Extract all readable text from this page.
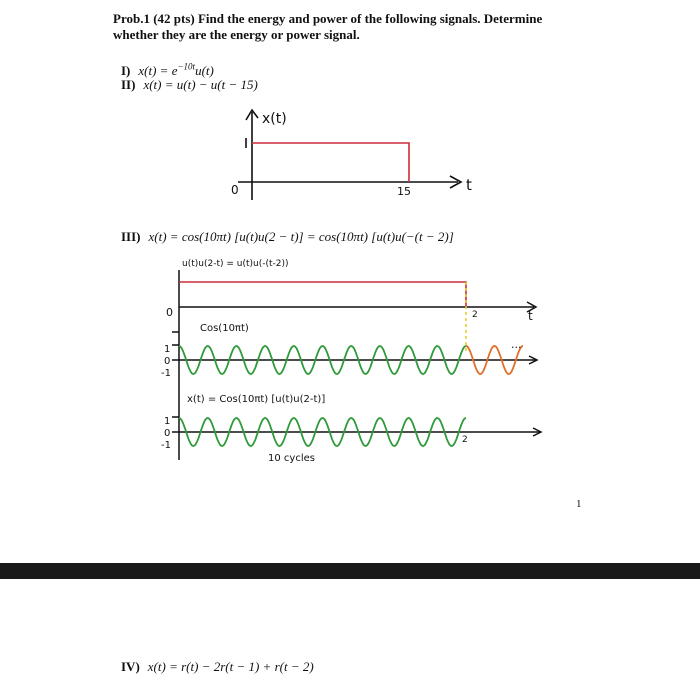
Prob.1 (42 pts) Find the energy and power of the following signals. Determine
whether they are the energy or power signal.
I) $x(t) = e^{-10t}u(t)$
II) x(t) = u(t) − u(t − 15)
x(t)
0	15	t
u(t)u(2-t) = u(t)u(-(t-2))
0	2	t
Cos(10πt)
1
0
-1
...
x(t) = Cos(10πt) [u(t)u(2-t)]
1
0
-1	2
10 cycles
III) x(t) = cos(10πt) [u(t)u(2 − t)] = cos(10πt) [u(t)u(−(t − 2)]
1
IV) x(t) = r(t) − 2r(t − 1) + r(t − 2)
